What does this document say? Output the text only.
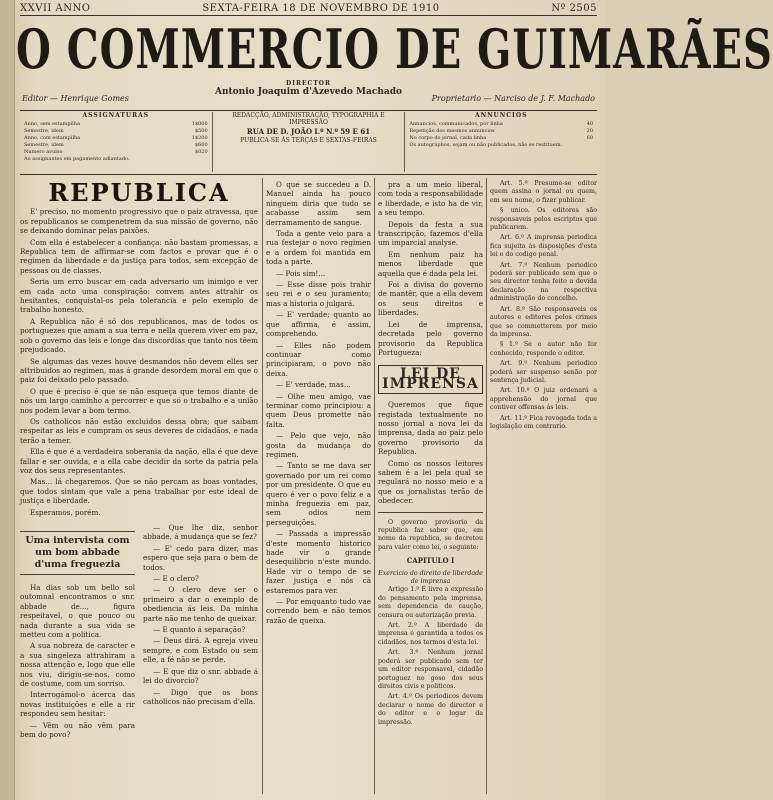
XXVII ANNO	SEXTA-FEIRA 18 DE NOVEMBRO DE 1910	Nº 2505
O COMMERCIO DE GUIMARÃES
DIRECTOR
Antonio Joaquim d'Azevedo Machado
Editor — Henrique Gomes	Proprietario — Narciso de J. F. Machado
ASSIGNATURAS
Anno, sem estampilha	1$000
Semestre, idem	$500
Anno, com estampilha	1$200
Semestre, idem	$600
Numero avulso	$020
Ao assignantes em pagamento adiantado.
REDACÇÃO, ADMINISTRAÇÃO, TYPOGRAPHIA E IMPRESSÃO
RUA DE D. JOÃO I.º N.º 59 E 61
PUBLICA-SE ÁS TERÇAS E SEXTAS-FEIRAS
ANNUNCIOS
Annuncios, communicados, por linha	40
Repetição dos mesmos annuncios	20
No corpo do jornal, cada linha	60
Os autographos, sejam ou não publicados, não se restituem.
REPUBLICA

E' preciso, no momento progressivo que o paiz atravessa, que os republicanos se compenetrem da sua missão de governo, não se deixando dominar pelas paixões.

Com ella é estabelecer a confiança: não bastam promessas, a Republica tem de affirmar-se com factos e provar que é o regimen da liberdade e da justiça para todos, sem excepção de pessoas ou de classes.

Seria um erro buscar em cada adversario um inimigo e ver em cada acto uma conspiração: convem antes attrahir os hesitantes, conquistal-os pela tolerancia e pelo exemplo de trabalho honesto.

A Republica não é só dos republicanos, mas de todos os portuguezes que amam a sua terra e nella querem viver em paz, sob o governo das leis e longe das discordias que tanto nos têem prejudicado.

Se algumas das vezes houve desmandos não devem elles ser attribuidos ao regimen, mas á grande desordem moral em que o paiz foi deixado pelo passado.

O que é preciso é que se não esqueça que temos diante de nós um largo caminho a percorrer e que só o trabalho e a união nos podem levar a bom termo.

Os catholicos não estão excluidos dessa obra; que saibam respeitar as leis e cumpram os seus deveres de cidadãos, e nada terão a temer.

Ella é que é a verdadeira soberania da nação, ella é que deve fallar e ser ouvida, e a ella cabe decidir da sorte da patria pela voz dos seus representantes.

Mas... lá chegaremos. Que se não percam as boas vontades, que todos sintam que vale a pena trabalhar por este ideal de justiça e liberdade.

Esperamos, porém.

Uma intervista com um bom abbade d'uma freguezia

Ha dias sob um bello sol outomnal encontramos o snr. abbade de..., figura respeitavel, o que pouco ou nada durante a sua vida se metteu com a politica.

A sua nobreza de caracter e a sua singeleza attrahiram a nossa attenção e, logo que elle nos viu, dirigiu-se-nos, como de costume, com um sorriso.

Interrogámol-o ácerca das novas instituições e elle a rir respondeu sem hesitar:

— Vêm ou não vêm para bem do povo?

— Que lhe diz, senhor abbade, á mudança que se fez?

— E' cedo para dizer, mas espero que seja para o bem de todos.

— E o clero?

— O clero deve ser o primeiro a dar o exemplo de obediencia ás leis. Da minha parte não me tenho de queixar.

— E quanto á separação?

— Deus dirá. A egreja viveu sempre, e com Estado ou sem elle, a fé não se perde.

— E que diz o snr. abbade á lei do divorcio?

— Digo que os bons catholicos não precisam d'ella.

O que se succedeu a D. Manuel ainda ha pouco ninguem diria que tudo se acabasse assim sem derramamento de sangue.

Toda a gente veio para a rua festejar o novo regimen e a ordem foi mantida em toda a parte.

— Pois sim!...

— Esse disse pois trahir seu rei e o seu juramento; mas a historia o julgará.

— E' verdade; quanto ao que affirma, é assim, comprehendo.

— Elles não podem continuar como principiaram, o povo não deixa.

— E' verdade, mas...

— Olhe meu amigo, vae terminar como principiou: a quem Deus promette não falta.

— Pelo que vejo, não gosta da mudança do regimen.

— Tanto se me dava ser governado por um rei como por um presidente. O que eu quero é ver o povo feliz e a minha freguezia em paz, sem odios nem perseguições.

— Passada a impressão d'este momento historico hade vir o grande desequilibrio n'este mundo. Hade vir o tempo de se fazer justiça e nós cá estaremos para ver.

— Por emquanto tudo vae correndo bem e não temos razão de queixa.

pra a um meio liberal, com toda a responsabilidade e liberdade, e isto ha de vir, a seu tempo.

Depois da festa a sua transcripção, fazemos d'ella um imparcial analyse.

Em nenhum paiz ha menos liberdade que aquella que é dada pela lei.

Foi a divisa do governo de mantêr, que a ella devem os seus direitos e liberdades.

Lei de imprensa, decretada pelo governo provisorio da Republica Portugueza:

LEI DE IMPRENSA

Queremos que fique registada textualmente no nosso jornal a nova lei da imprensa, dada ao paiz pelo governo provisorio da Republica.

Como os nossos leitores sabem é a lei pela qual se regulará no nosso meio e a que os jornalistas terão de obedecer.

O governo provisorio da republica faz saber que, em nome da republica, se decretou para valer como lei, o seguinte:

CAPITULO I
Exercicio do direito de liberdade de imprensa

Artigo 1.º É livre a expressão do pensamento pela imprensa, sem dependencia de caução, censura ou autorização previa.

Art. 2.º A liberdade de imprensa é garantida a todos os cidadãos, nos termos d'esta lei.

Art. 3.º Nenhum jornal poderá ser publicado sem ter um editor responsavel, cidadão portuguez no goso dos seus direitos civis e politicos.

Art. 4.º Os periodicos devem declarar o nome do director e do editor e o logar da impressão.

Art. 5.º Presume-se editor quem assina o jornal ou quem, em seu nome, o fizer publicar.

§ unico. Os editores são responsaveis pelos escriptos que publicarem.

Art. 6.º A imprensa periodica fica sujeita ás disposições d'esta lei e do codigo penal.

Art. 7.º Nenhum periodico poderá ser publicado sem que o seu director tenha feito a devida declaração na respectiva administração do concelho.

Art. 8.º São responsaveis os autores e editores pelos crimes que se commetterem por meio da imprensa.

§ 1.º Se o autor não for conhecido, responde o editor.

Art. 9.º Nenhum periodico poderá ser suspenso senão por sentença judicial.

Art. 10.º O juiz ordenará a apprehensão do jornal que contiver offensas ás leis.

Art. 11.º Fica revogada toda a legislação em contrario.
